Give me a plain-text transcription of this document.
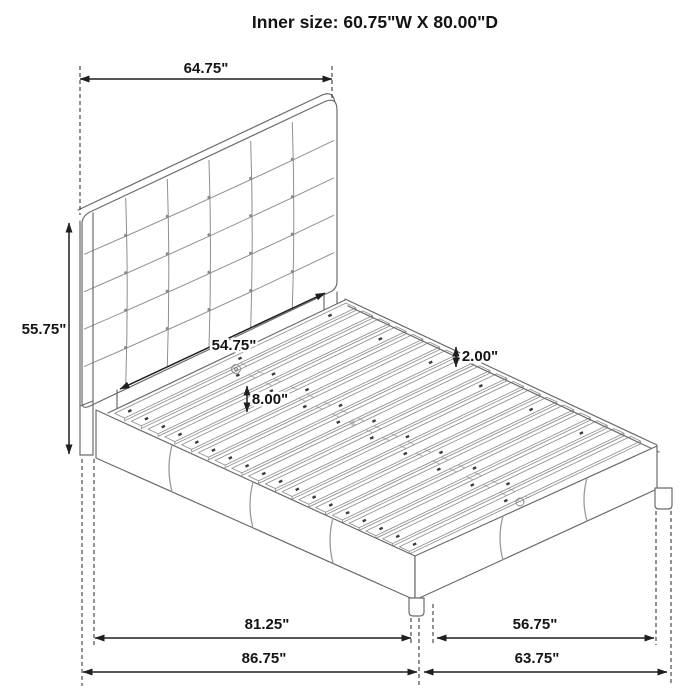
64.75"
55.75"
54.75"
8.00"
2.00"
81.25"
86.75"
56.75"
63.75"
Inner size: 60.75"W X 80.00"D
